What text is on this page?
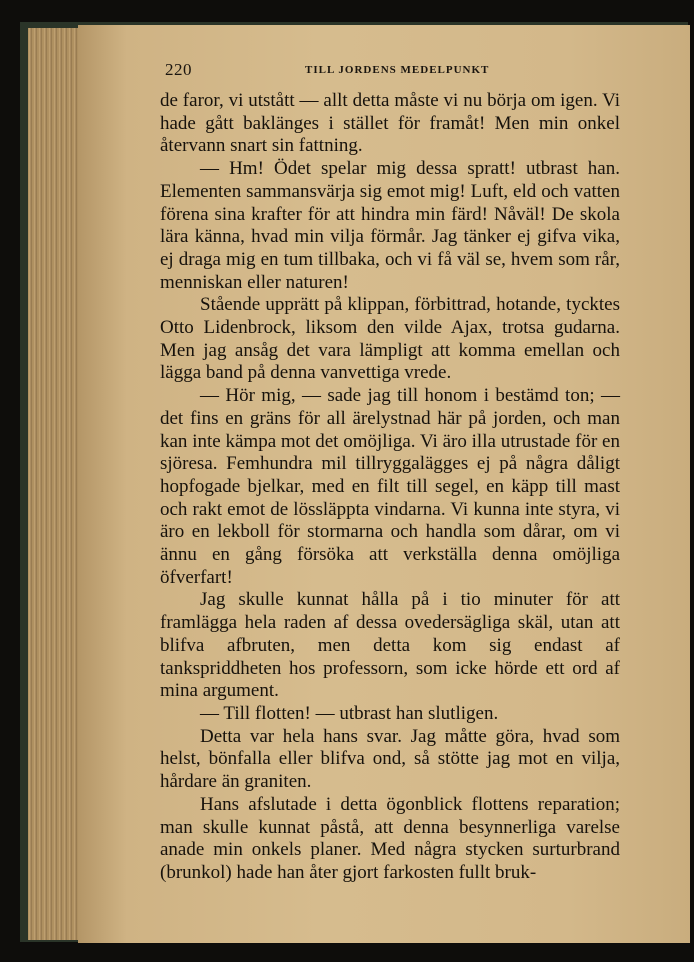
220	TILL JORDENS MEDELPUNKT

de faror, vi utstått — allt detta måste vi nu börja om igen. Vi hade gått baklänges i stället för framåt! Men min onkel återvann snart sin fattning.

— Hm! Ödet spelar mig dessa spratt! utbrast han. Elementen sammansvärja sig emot mig! Luft, eld och vatten förena sina krafter för att hindra min färd! Nåväl! De skola lära känna, hvad min vilja förmår. Jag tänker ej gifva vika, ej draga mig en tum tillbaka, och vi få väl se, hvem som rår, menniskan eller naturen!

Stående upprätt på klippan, förbittrad, hotande, tycktes Otto Lidenbrock, liksom den vilde Ajax, trotsa gudarna. Men jag ansåg det vara lämpligt att komma emellan och lägga band på denna vanvettiga vrede.

— Hör mig, — sade jag till honom i bestämd ton; — det fins en gräns för all ärelystnad här på jorden, och man kan inte kämpa mot det omöjliga. Vi äro illa utrustade för en sjöresa. Femhundra mil tillryggalägges ej på några dåligt hopfogade bjelkar, med en filt till segel, en käpp till mast och rakt emot de lössläppta vindarna. Vi kunna inte styra, vi äro en lekboll för stormarna och handla som dårar, om vi ännu en gång försöka att verkställa denna omöjliga öfverfart!

Jag skulle kunnat hålla på i tio minuter för att framlägga hela raden af dessa ovedersägliga skäl, utan att blifva afbruten, men detta kom sig endast af tankspriddheten hos professorn, som icke hörde ett ord af mina argument.

— Till flotten! — utbrast han slutligen.

Detta var hela hans svar. Jag måtte göra, hvad som helst, bönfalla eller blifva ond, så stötte jag mot en vilja, hårdare än graniten.

Hans afslutade i detta ögonblick flottens reparation; man skulle kunnat påstå, att denna besynnerliga varelse anade min onkels planer. Med några stycken surturbrand (brunkol) hade han åter gjort farkosten fullt bruk-
